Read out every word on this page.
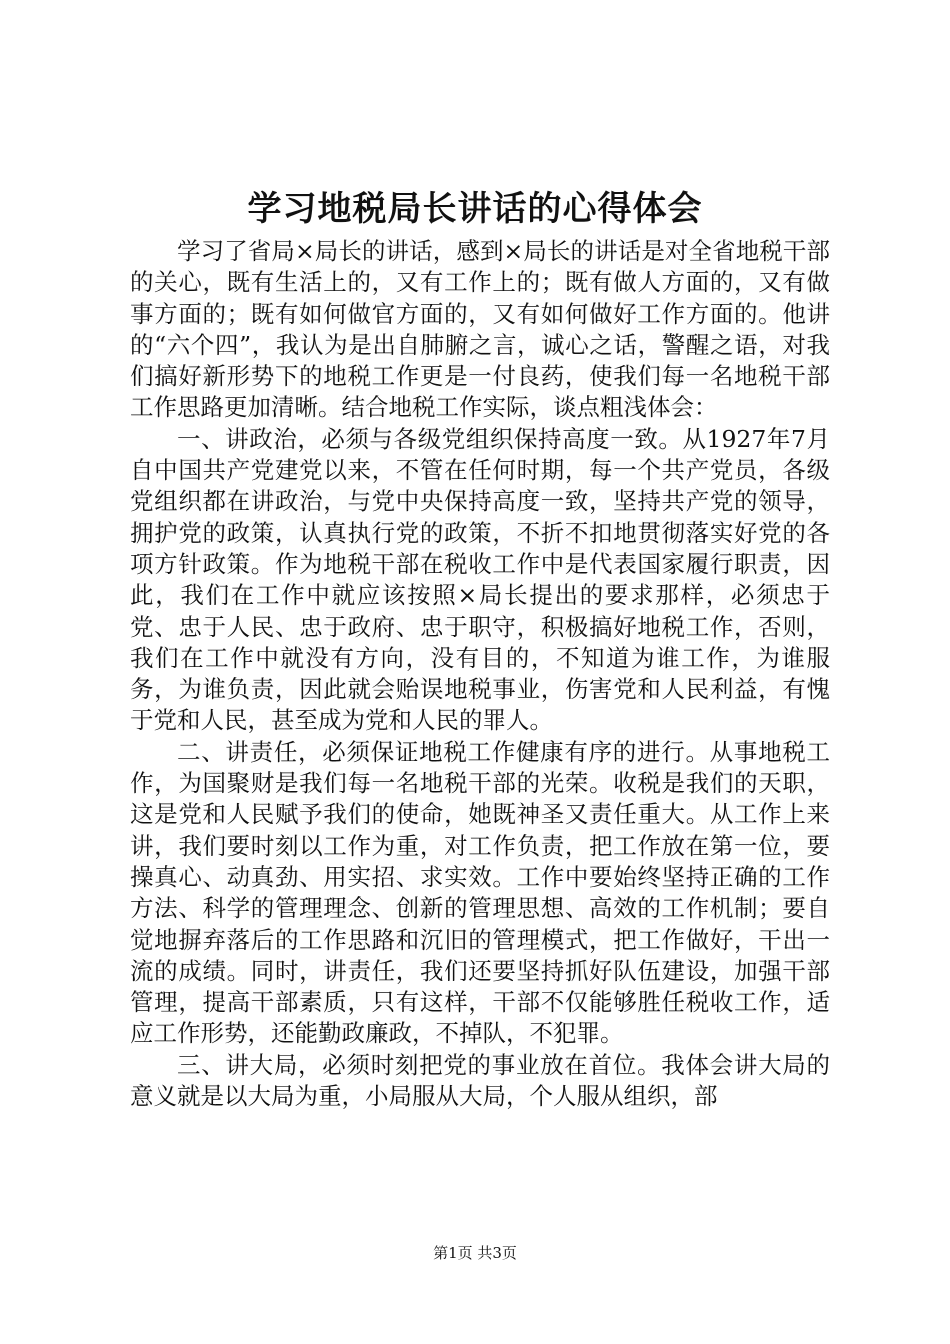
学习地税局长讲话的心得体会

学习了省局×局长的讲话，感到×局长的讲话是对全省地税干部的关心，既有生活上的，又有工作上的；既有做人方面的，又有做事方面的；既有如何做官方面的，又有如何做好工作方面的。他讲的“六个四”，我认为是出自肺腑之言，诚心之话，警醒之语，对我们搞好新形势下的地税工作更是一付良药，使我们每一名地税干部工作思路更加清晰。结合地税工作实际，谈点粗浅体会：

一、讲政治，必须与各级党组织保持高度一致。从1927年7月自中国共产党建党以来，不管在任何时期，每一个共产党员，各级党组织都在讲政治，与党中央保持高度一致，坚持共产党的领导，拥护党的政策，认真执行党的政策，不折不扣地贯彻落实好党的各项方针政策。作为地税干部在税收工作中是代表国家履行职责，因此，我们在工作中就应该按照×局长提出的要求那样，必须忠于党、忠于人民、忠于政府、忠于职守，积极搞好地税工作，否则，我们在工作中就没有方向，没有目的，不知道为谁工作，为谁服务，为谁负责，因此就会贻误地税事业，伤害党和人民利益，有愧于党和人民，甚至成为党和人民的罪人。

二、讲责任，必须保证地税工作健康有序的进行。从事地税工作，为国聚财是我们每一名地税干部的光荣。收税是我们的天职，这是党和人民赋予我们的使命，她既神圣又责任重大。从工作上来讲，我们要时刻以工作为重，对工作负责，把工作放在第一位，要操真心、动真劲、用实招、求实效。工作中要始终坚持正确的工作方法、科学的管理理念、创新的管理思想、高效的工作机制；要自觉地摒弃落后的工作思路和沉旧的管理模式，把工作做好，干出一流的成绩。同时，讲责任，我们还要坚持抓好队伍建设，加强干部管理，提高干部素质，只有这样，干部不仅能够胜任税收工作，适应工作形势，还能勤政廉政，不掉队，不犯罪。

三、讲大局，必须时刻把党的事业放在首位。我体会讲大局的意义就是以大局为重，小局服从大局，个人服从组织，部

第1页 共3页
